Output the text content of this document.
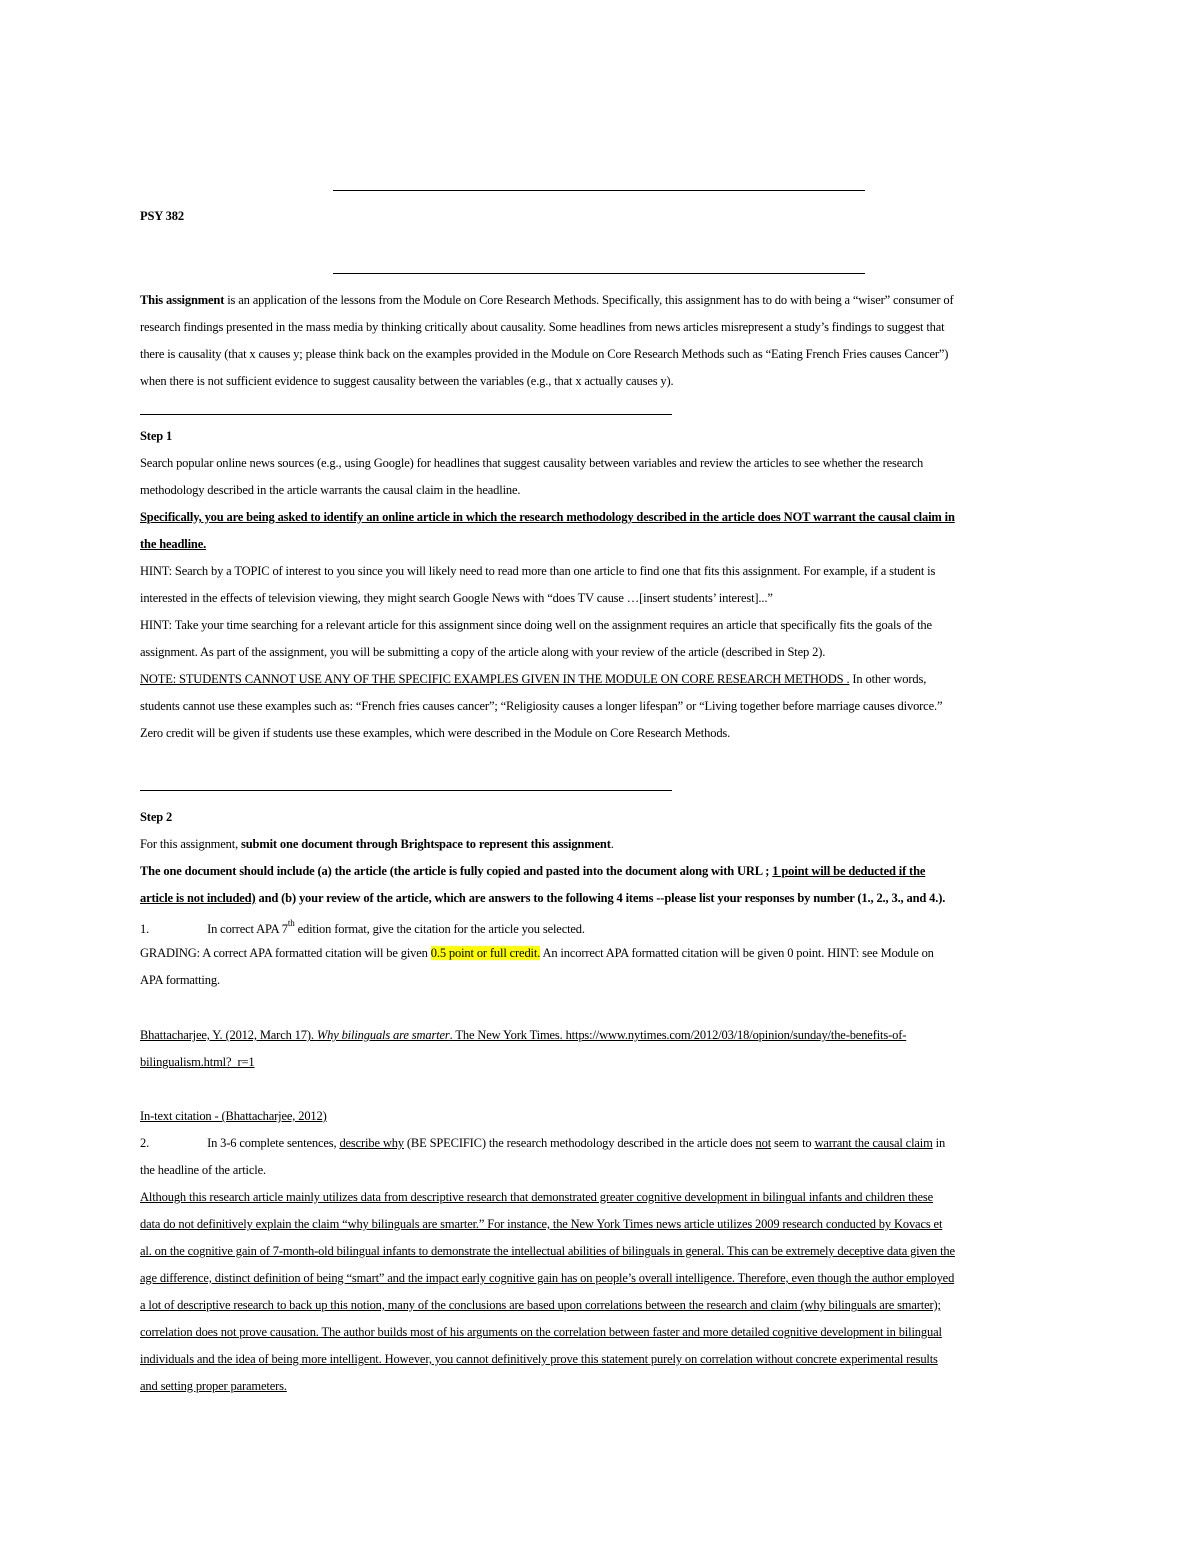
PSY 382
This assignment is an application of the lessons from the Module on Core Research Methods. Specifically, this assignment has to do with being a “wiser” consumer of
research findings presented in the mass media by thinking critically about causality. Some headlines from news articles misrepresent a study’s findings to suggest that
there is causality (that x causes y; please think back on the examples provided in the Module on Core Research Methods such as “Eating French Fries causes Cancer”)
when there is not sufficient evidence to suggest causality between the variables (e.g., that x actually causes y).
Step 1
Search popular online news sources (e.g., using Google) for headlines that suggest causality between variables and review the articles to see whether the research
methodology described in the article warrants the causal claim in the headline.
Specifically, you are being asked to identify an online article in which the research methodology described in the article does NOT warrant the causal claim in
the headline.
HINT: Search by a TOPIC of interest to you since you will likely need to read more than one article to find one that fits this assignment. For example, if a student is
interested in the effects of television viewing, they might search Google News with “does TV cause …[insert students’ interest]...”
HINT: Take your time searching for a relevant article for this assignment since doing well on the assignment requires an article that specifically fits the goals of the
assignment. As part of the assignment, you will be submitting a copy of the article along with your review of the article (described in Step 2).
NOTE: STUDENTS CANNOT USE ANY OF THE SPECIFIC EXAMPLES GIVEN IN THE MODULE ON CORE RESEARCH METHODS . In other words,
students cannot use these examples such as: “French fries causes cancer”; “Religiosity causes a longer lifespan” or “Living together before marriage causes divorce.”
Zero credit will be given if students use these examples, which were described in the Module on Core Research Methods.
Step 2
For this assignment, submit one document through Brightspace to represent this assignment.
The one document should include (a) the article (the article is fully copied and pasted into the document along with URL ; 1 point will be deducted if the
article is not included) and (b) your review of the article, which are answers to the following 4 items --please list your responses by number (1., 2., 3., and 4.).
1.	In correct APA 7th edition format, give the citation for the article you selected.
GRADING: A correct APA formatted citation will be given 0.5 point or full credit. An incorrect APA formatted citation will be given 0 point. HINT: see Module on
APA formatting.
Bhattacharjee, Y. (2012, March 17). Why bilinguals are smarter. The New York Times. https://www.nytimes.com/2012/03/18/opinion/sunday/the-benefits-of-
bilingualism.html?_r=1
In-text citation - (Bhattacharjee, 2012)
2.	In 3-6 complete sentences, describe why (BE SPECIFIC) the research methodology described in the article does not seem to warrant the causal claim in
the headline of the article.
Although this research article mainly utilizes data from descriptive research that demonstrated greater cognitive development in bilingual infants and children these
data do not definitively explain the claim “why bilinguals are smarter.” For instance, the New York Times news article utilizes 2009 research conducted by Kovacs et
al. on the cognitive gain of 7-month-old bilingual infants to demonstrate the intellectual abilities of bilinguals in general. This can be extremely deceptive data given the
age difference, distinct definition of being “smart” and the impact early cognitive gain has on people’s overall intelligence. Therefore, even though the author employed
a lot of descriptive research to back up this notion, many of the conclusions are based upon correlations between the research and claim (why bilinguals are smarter);
correlation does not prove causation. The author builds most of his arguments on the correlation between faster and more detailed cognitive development in bilingual
individuals and the idea of being more intelligent. However, you cannot definitively prove this statement purely on correlation without concrete experimental results
and setting proper parameters.
